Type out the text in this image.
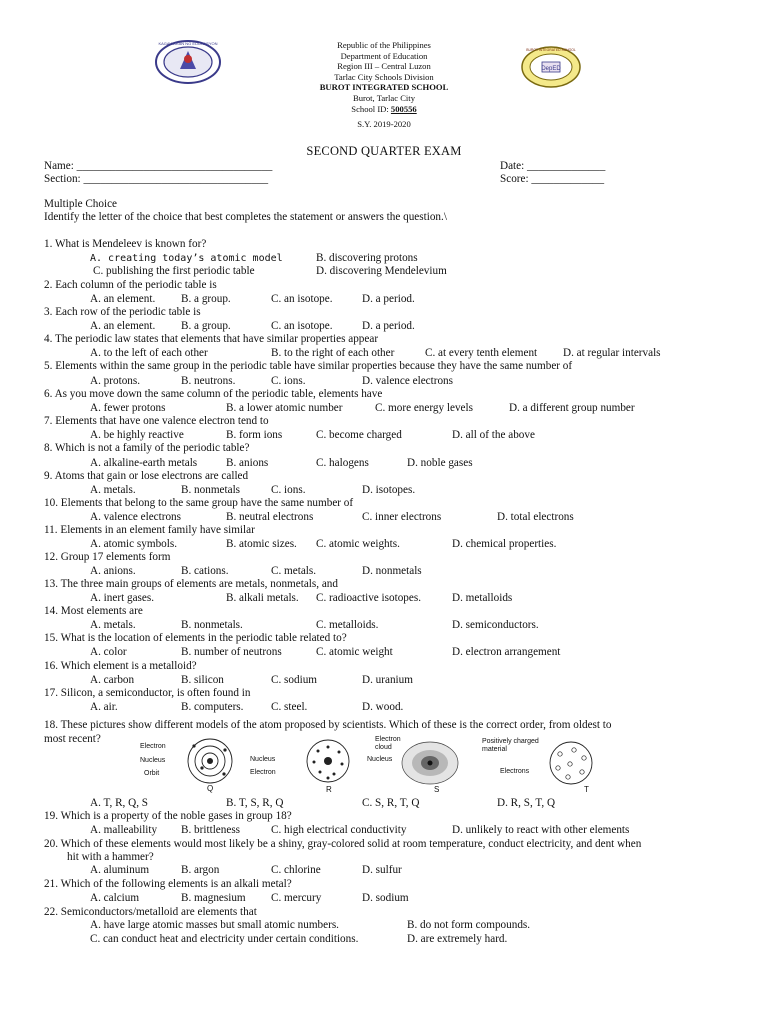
KAGAWARAN NG EDUKASYON
DepED
BUROT INTEGRATED SCHOOL
Republic of the Philippines
Department of Education
Region III – Central Luzon
Tarlac City Schools Division
BUROT INTEGRATED SCHOOL
Burot, Tarlac City
School ID: 500556
S.Y. 2019-2020
SECOND QUARTER EXAM
Name: ___________________________________
Section: _________________________________
Date: ______________
Score: _____________
Multiple Choice
Identify the letter of the choice that best completes the statement or answers the question.\
1. What is Mendeleev is known for?
A. creating today’s atomic model	B. discovering protons
C. publishing the first periodic table	D. discovering Mendelevium
2. Each column of the periodic table is
A. an element. B. a group.	C. an isotope.	D. a period.
3. Each row of the periodic table is
A. an element. B. a group.	C. an isotope.	D. a period.
4. The periodic law states that elements that have similar properties appear
A. to the left of each other	B. to the right of each other	C. at every tenth element D. at regular intervals
5. Elements within the same group in the periodic table have similar properties because they have the same number of
A. protons.	B. neutrons.	C. ions.	D. valence electrons
6. As you move down the same column of the periodic table, elements have
A. fewer protons	B. a lower atomic number	C. more energy levels	D. a different group number
7. Elements that have one valence electron tend to
A. be highly reactive	B. form ions	C. become charged	D. all of the above
8. Which is not a family of the periodic table?
A. alkaline-earth metals	B. anions	C. halogens	D. noble gases
9. Atoms that gain or lose electrons are called
A. metals.	B. nonmetals	C. ions.	D. isotopes.
10. Elements that belong to the same group have the same number of
A. valence electrons	B. neutral electrons	C. inner electrons	D. total electrons
11. Elements in an element family have similar
A. atomic symbols.	B. atomic sizes. C. atomic weights.	D. chemical properties.
12. Group 17 elements form
A. anions.	B. cations.	C. metals.	D. nonmetals
13. The three main groups of elements are metals, nonmetals, and
A. inert gases.	B. alkali metals. C. radioactive isotopes.	D. metalloids
14. Most elements are
A. metals.	B. nonmetals.	C. metalloids.	D. semiconductors.
15. What is the location of elements in the periodic table related to?
A. color	B. number of neutrons	C. atomic weight	D. electron arrangement
16. Which element is a metalloid?
A. carbon	B. silicon	C. sodium	D. uranium
17. Silicon, a semiconductor, is often found in
A. air.	B. computers. C. steel.	D. wood.
18. These pictures show different models of the atom proposed by scientists. Which of these is the correct order, from oldest to
most recent?
Electron
Nucleus
Orbit
Q
Nucleus
Electron
R
Electron cloud
Nucleus
S
Positively charged material
Electrons
T
A. T, R, Q, S	B. T, S, R, Q	C. S, R, T, Q	D. R, S, T, Q
19. Which is a property of the noble gases in group 18?
A. malleability B. brittleness	C. high electrical conductivity	D. unlikely to react with other elements
20. Which of these elements would most likely be a shiny, gray-colored solid at room temperature, conduct electricity, and dent when
hit with a hammer?
A. aluminum	B. argon	C. chlorine	D. sulfur
21. Which of the following elements is an alkali metal?
A. calcium	B. magnesium C. mercury	D. sodium
22. Semiconductors/metalloid are elements that
A. have large atomic masses but small atomic numbers.	B. do not form compounds.
C. can conduct heat and electricity under certain conditions.	D. are extremely hard.
